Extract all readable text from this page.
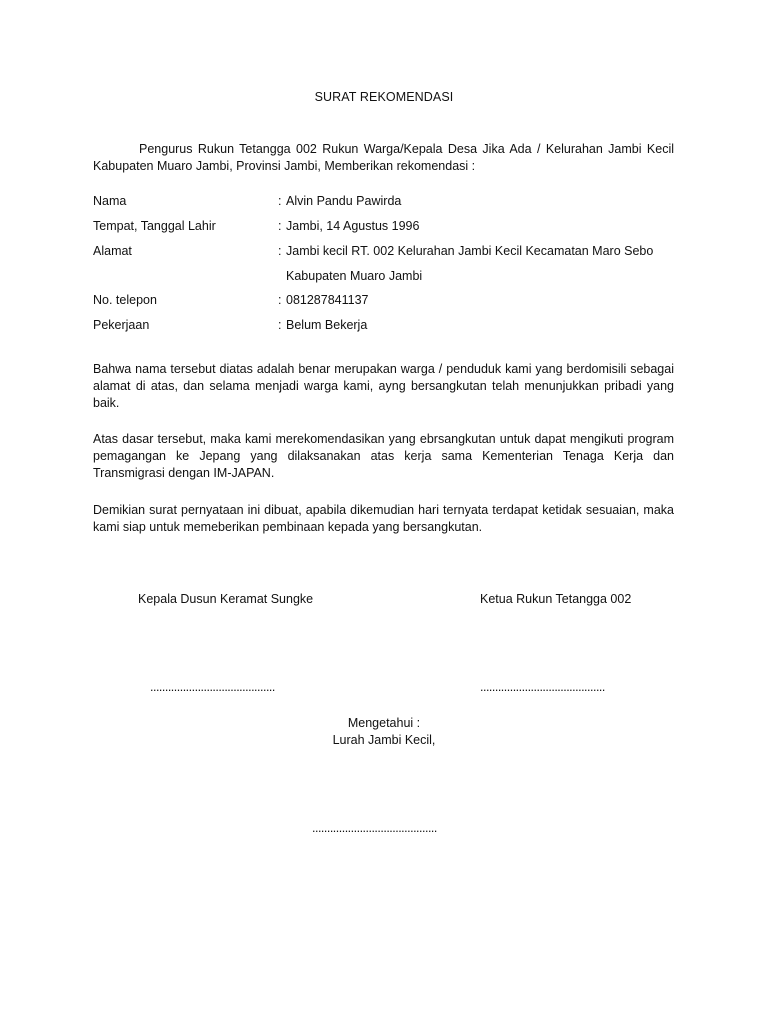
SURAT REKOMENDASI

Pengurus Rukun Tetangga 002 Rukun Warga/Kepala Desa Jika Ada / Kelurahan Jambi Kecil Kabupaten Muaro Jambi, Provinsi Jambi, Memberikan rekomendasi :

Nama	: Alvin Pandu Pawirda
Tempat, Tanggal Lahir	: Jambi, 14 Agustus 1996
Alamat	: Jambi kecil RT. 002 Kelurahan Jambi Kecil Kecamatan Maro Sebo
Kabupaten Muaro Jambi
No. telepon	: 081287841137
Pekerjaan	: Belum Bekerja

Bahwa nama tersebut diatas adalah benar merupakan warga / penduduk kami yang berdomisili sebagai alamat di atas, dan selama menjadi warga kami, ayng bersangkutan telah menunjukkan pribadi yang baik.

Atas dasar tersebut, maka kami merekomendasikan yang ebrsangkutan untuk dapat mengikuti program pemagangan ke Jepang yang dilaksanakan atas kerja sama Kementerian Tenaga Kerja dan Transmigrasi dengan IM-JAPAN.

Demikian surat pernyataan ini dibuat, apabila dikemudian hari ternyata terdapat ketidak sesuaian, maka kami siap untuk memeberikan pembinaan kepada yang bersangkutan.

Kepala Dusun Keramat Sungke	Ketua Rukun Tetangga 002
..........................................	..........................................
Mengetahui :
Lurah Jambi Kecil,
..........................................
